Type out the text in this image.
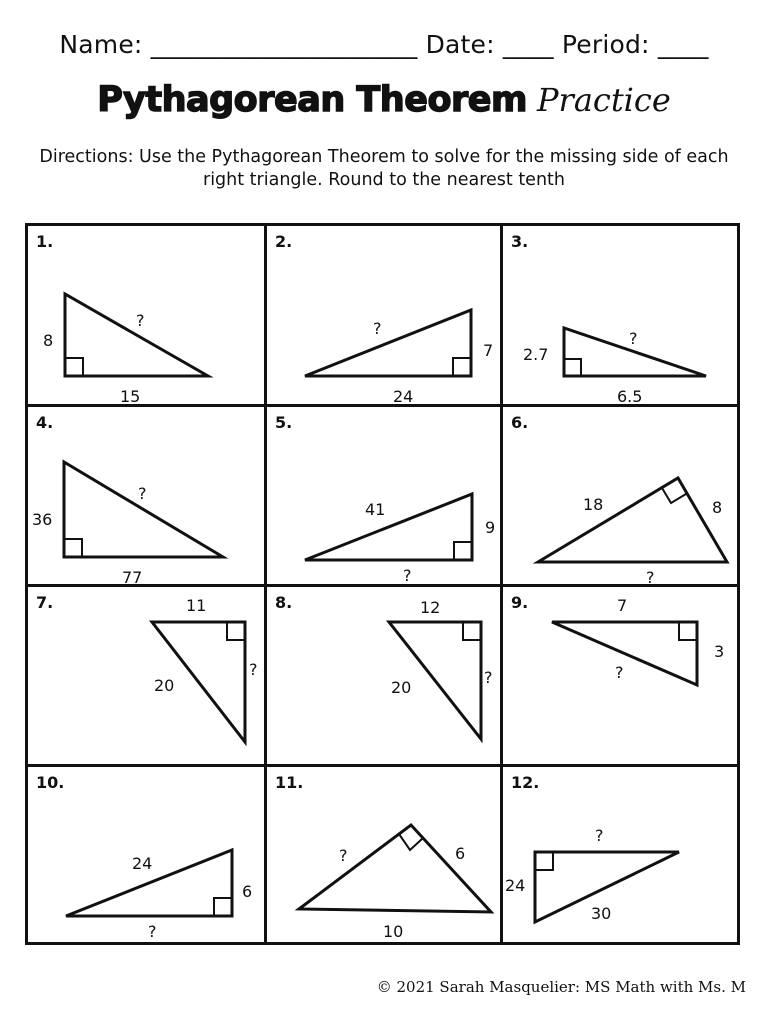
Name: _____________________ Date: ____ Period: ____
Pythagorean Theorem Practice
Directions: Use the Pythagorean Theorem to solve for the missing side of each
right triangle. Round to the nearest tenth
1.
8
?
15
2.
?
7
24
3.
2.7
?
6.5
4.
36
?
77
5.
41
9
?
6.
18	8
?
7.	11
20
?
8.	12
20
?
9.	7
3
?
10.
24
6
?
11.
?	6
10
12.
?
24
30
© 2021 Sarah Masquelier: MS Math with Ms. M
